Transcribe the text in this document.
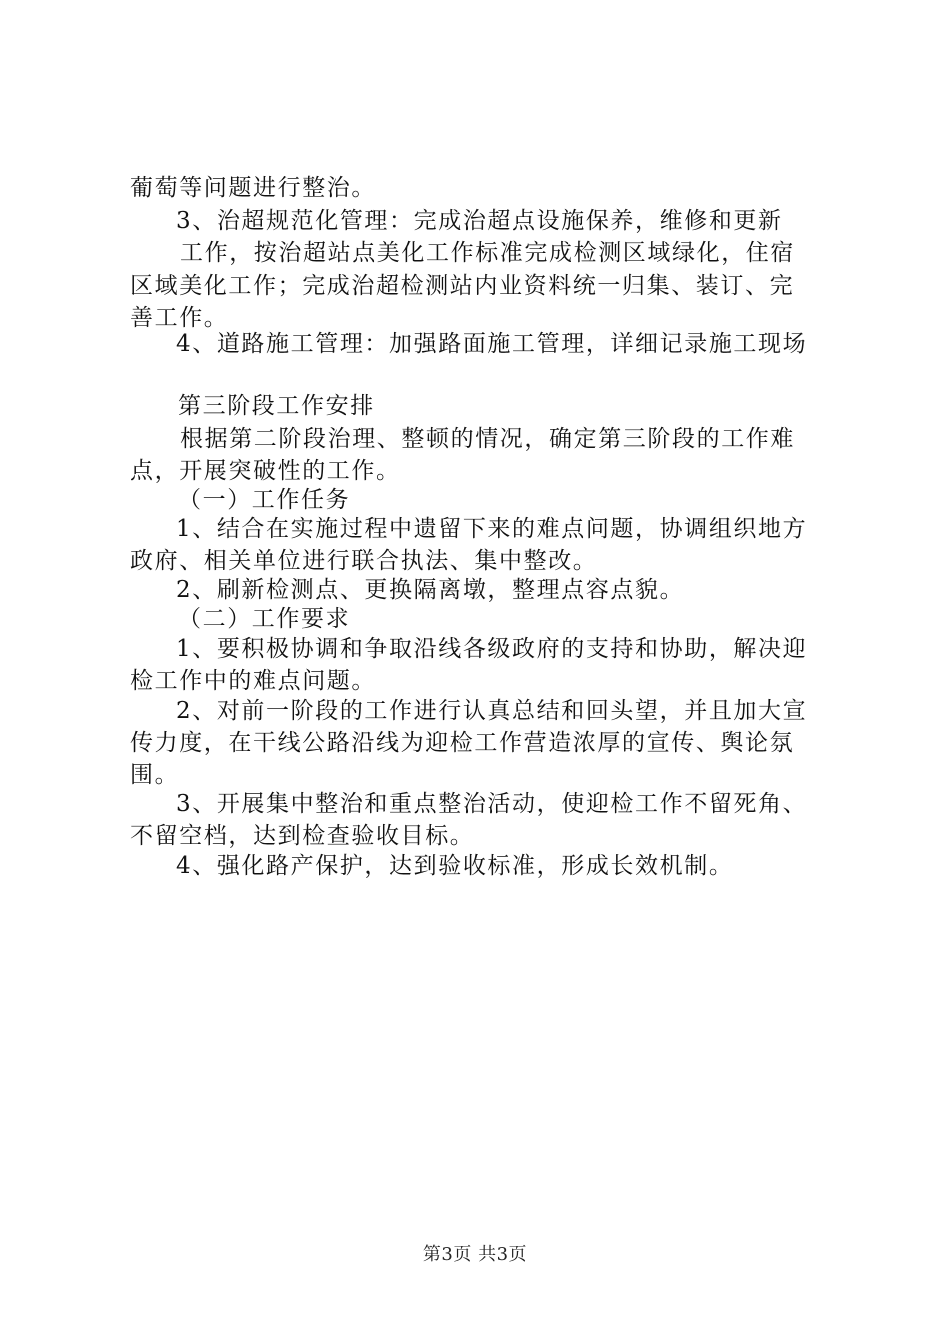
葡萄等问题进行整治。
3、治超规范化管理：完成治超点设施保养，维修和更新
工作，按治超站点美化工作标准完成检测区域绿化，住宿
区域美化工作；完成治超检测站内业资料统一归集、装订、完
善工作。
4、道路施工管理：加强路面施工管理，详细记录施工现场
第三阶段工作安排
根据第二阶段治理、整顿的情况，确定第三阶段的工作难
点，开展突破性的工作。
（一）工作任务
1、结合在实施过程中遗留下来的难点问题，协调组织地方
政府、相关单位进行联合执法、集中整改。
2、刷新检测点、更换隔离墩，整理点容点貌。
（二）工作要求
1、要积极协调和争取沿线各级政府的支持和协助，解决迎
检工作中的难点问题。
2、对前一阶段的工作进行认真总结和回头望，并且加大宣
传力度，在干线公路沿线为迎检工作营造浓厚的宣传、舆论氛
围。
3、开展集中整治和重点整治活动，使迎检工作不留死角、
不留空档，达到检查验收目标。
4、强化路产保护，达到验收标准，形成长效机制。
第3页 共3页
